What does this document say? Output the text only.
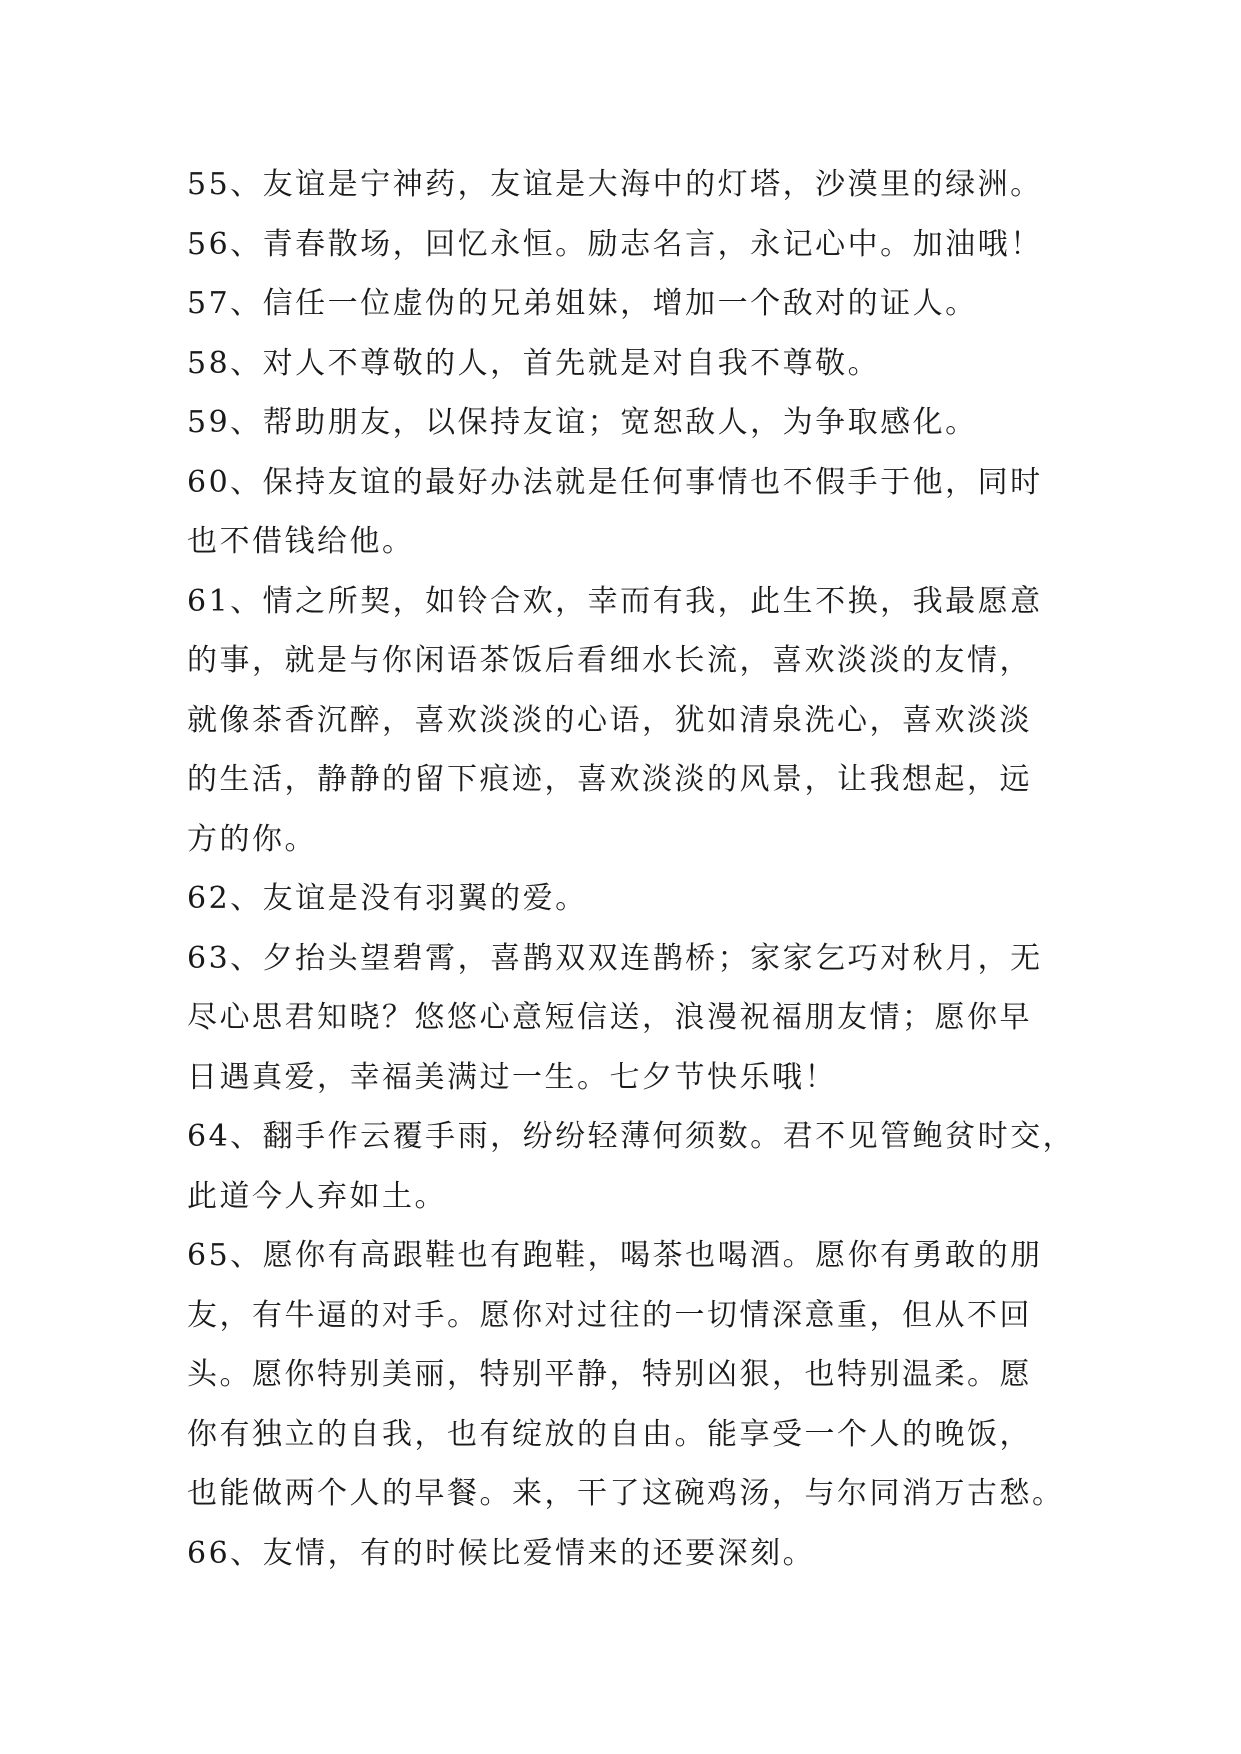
55、友谊是宁神药，友谊是大海中的灯塔，沙漠里的绿洲。
56、青春散场，回忆永恒。励志名言，永记心中。加油哦！
57、信任一位虚伪的兄弟姐妹，增加一个敌对的证人。
58、对人不尊敬的人，首先就是对自我不尊敬。
59、帮助朋友，以保持友谊；宽恕敌人，为争取感化。
60、保持友谊的最好办法就是任何事情也不假手于他，同时
也不借钱给他。
61、情之所契，如铃合欢，幸而有我，此生不换，我最愿意
的事，就是与你闲语茶饭后看细水长流，喜欢淡淡的友情，
就像茶香沉醉，喜欢淡淡的心语，犹如清泉洗心，喜欢淡淡
的生活，静静的留下痕迹，喜欢淡淡的风景，让我想起，远
方的你。
62、友谊是没有羽翼的爱。
63、夕抬头望碧霄，喜鹊双双连鹊桥；家家乞巧对秋月，无
尽心思君知晓？悠悠心意短信送，浪漫祝福朋友情；愿你早
日遇真爱，幸福美满过一生。七夕节快乐哦！
64、翻手作云覆手雨，纷纷轻薄何须数。君不见管鲍贫时交，
此道今人弃如土。
65、愿你有高跟鞋也有跑鞋，喝茶也喝酒。愿你有勇敢的朋
友，有牛逼的对手。愿你对过往的一切情深意重，但从不回
头。愿你特别美丽，特别平静，特别凶狠，也特别温柔。愿
你有独立的自我，也有绽放的自由。能享受一个人的晚饭，
也能做两个人的早餐。来，干了这碗鸡汤，与尔同消万古愁。
66、友情，有的时候比爱情来的还要深刻。
